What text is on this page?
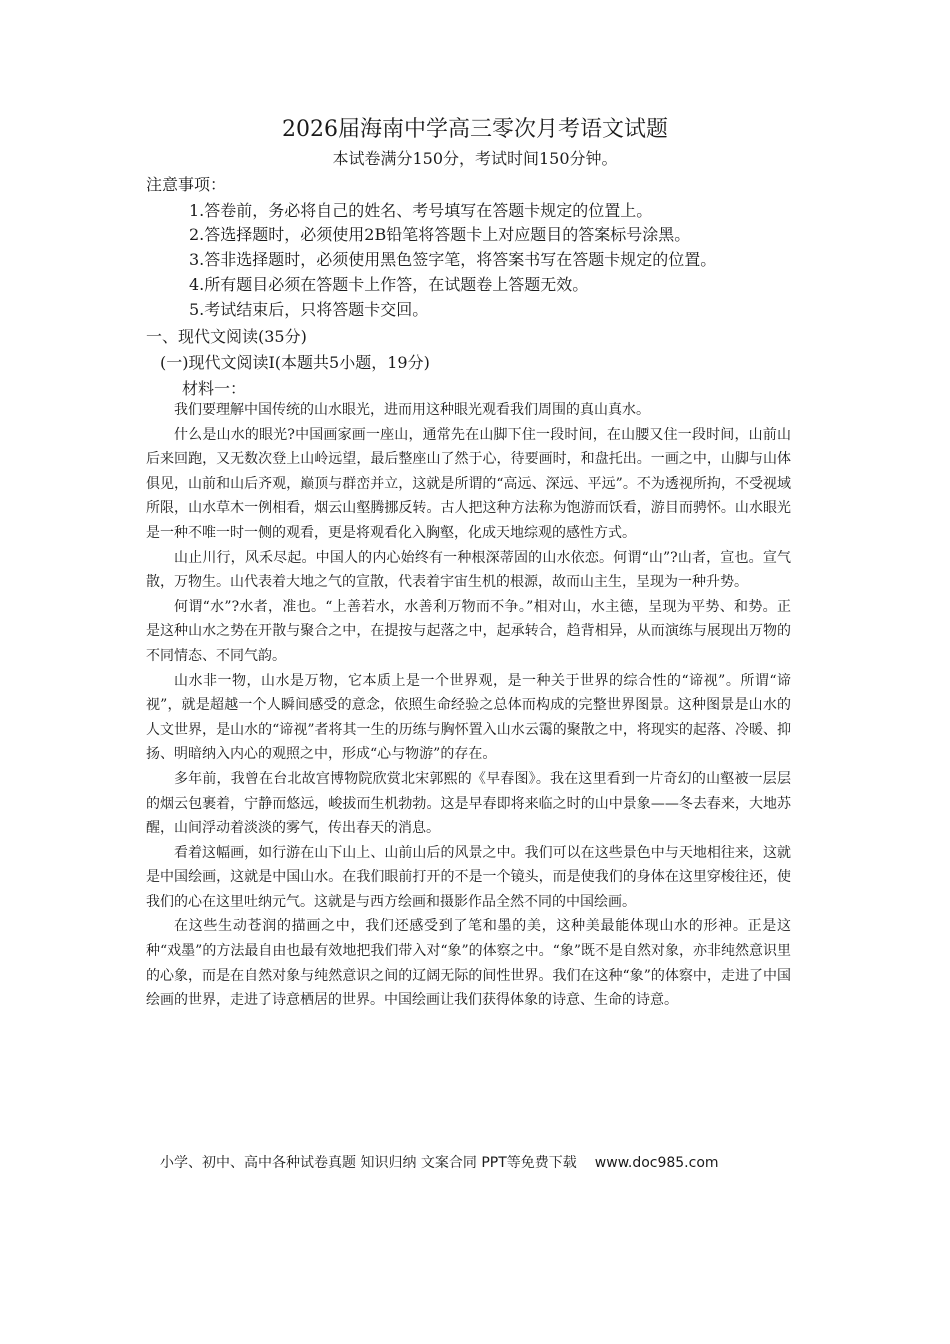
2026届海南中学高三零次月考语文试题
本试卷满分150分，考试时间150分钟。
注意事项：
1.答卷前，务必将自己的姓名、考号填写在答题卡规定的位置上。
2.答选择题时，必须使用2B铅笔将答题卡上对应题目的答案标号涂黑。
3.答非选择题时，必须使用黑色签字笔，将答案书写在答题卡规定的位置。
4.所有题目必须在答题卡上作答，在试题卷上答题无效。
5.考试结束后，只将答题卡交回。
一、现代文阅读(35分)
(一)现代文阅读Ⅰ(本题共5小题，19分)
材料一：

我们要理解中国传统的山水眼光，进而用这种眼光观看我们周围的真山真水。

什么是山水的眼光?中国画家画一座山，通常先在山脚下住一段时间，在山腰又住一段时间，山前山后来回跑，又无数次登上山岭远望，最后整座山了然于心，待要画时，和盘托出。一画之中，山脚与山体俱见，山前和山后齐观，巅顶与群峦并立，这就是所谓的“高远、深远、平远”。不为透视所拘，不受视域所限，山水草木一例相看，烟云山壑腾挪反转。古人把这种方法称为饱游而饫看，游目而骋怀。山水眼光是一种不唯一时一侧的观看，更是将观看化入胸壑，化成天地综观的感性方式。

山止川行，风禾尽起。中国人的内心始终有一种根深蒂固的山水依恋。何谓“山”?山者，宣也。宣气散，万物生。山代表着大地之气的宣散，代表着宇宙生机的根源，故而山主生，呈现为一种升势。

何谓“水”?水者，准也。“上善若水，水善利万物而不争。”相对山，水主德，呈现为平势、和势。正是这种山水之势在开散与聚合之中，在提按与起落之中，起承转合，趋背相异，从而演练与展现出万物的不同情态、不同气韵。

山水非一物，山水是万物，它本质上是一个世界观，是一种关于世界的综合性的“谛视”。所谓“谛视”，就是超越一个人瞬间感受的意念，依照生命经验之总体而构成的完整世界图景。这种图景是山水的人文世界，是山水的“谛视”者将其一生的历练与胸怀置入山水云霭的聚散之中，将现实的起落、冷暖、抑扬、明暗纳入内心的观照之中，形成“心与物游”的存在。

多年前，我曾在台北故宫博物院欣赏北宋郭熙的《早春图》。我在这里看到一片奇幻的山壑被一层层的烟云包裹着，宁静而悠远，峻拔而生机勃勃。这是早春即将来临之时的山中景象——冬去春来，大地苏醒，山间浮动着淡淡的雾气，传出春天的消息。

看着这幅画，如行游在山下山上、山前山后的风景之中。我们可以在这些景色中与天地相往来，这就是中国绘画，这就是中国山水。在我们眼前打开的不是一个镜头，而是使我们的身体在这里穿梭往还，使我们的心在这里吐纳元气。这就是与西方绘画和摄影作品全然不同的中国绘画。

在这些生动苍润的描画之中，我们还感受到了笔和墨的美，这种美最能体现山水的形神。正是这种“戏墨”的方法最自由也最有效地把我们带入对“象”的体察之中。“象”既不是自然对象，亦非纯然意识里的心象，而是在自然对象与纯然意识之间的辽阔无际的间性世界。我们在这种“象”的体察中，走进了中国绘画的世界，走进了诗意栖居的世界。中国绘画让我们获得体象的诗意、生命的诗意。

小学、初中、高中各种试卷真题 知识归纳 文案合同 PPT等免费下载 www.doc985.com
